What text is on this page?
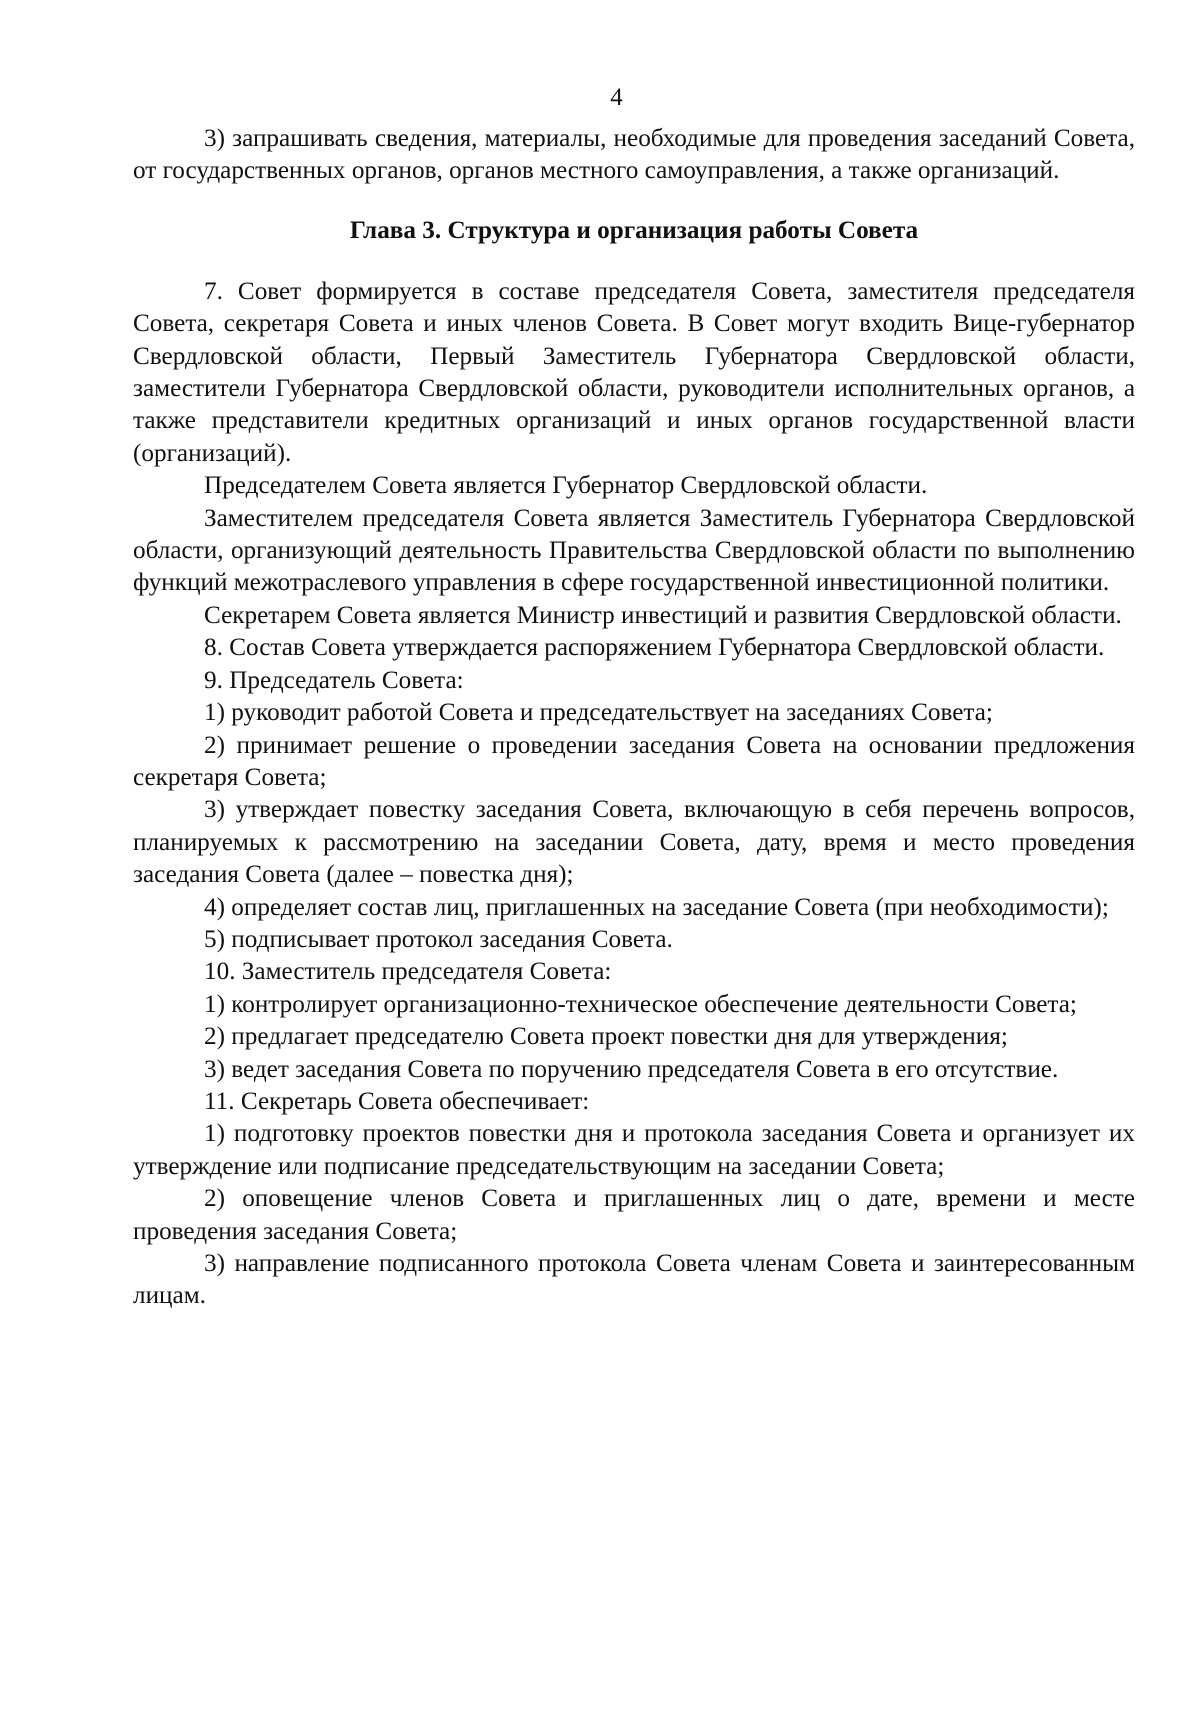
4

3) запрашивать сведения, материалы, необходимые для проведения заседаний Совета, от государственных органов, органов местного самоуправления, а также организаций.

Глава 3. Структура и организация работы Совета

7. Совет формируется в составе председателя Совета, заместителя председателя Совета, секретаря Совета и иных членов Совета. В Совет могут входить Вице-губернатор Свердловской области, Первый Заместитель Губернатора Свердловской области, заместители Губернатора Свердловской области, руководители исполнительных органов, а также представители кредитных организаций и иных органов государственной власти (организаций).

Председателем Совета является Губернатор Свердловской области.

Заместителем председателя Совета является Заместитель Губернатора Свердловской области, организующий деятельность Правительства Свердловской области по выполнению функций межотраслевого управления в сфере государственной инвестиционной политики.

Секретарем Совета является Министр инвестиций и развития Свердловской области.

8. Состав Совета утверждается распоряжением Губернатора Свердловской области.

9. Председатель Совета:

1) руководит работой Совета и председательствует на заседаниях Совета;

2) принимает решение о проведении заседания Совета на основании предложения секретаря Совета;

3) утверждает повестку заседания Совета, включающую в себя перечень вопросов, планируемых к рассмотрению на заседании Совета, дату, время и место проведения заседания Совета (далее – повестка дня);

4) определяет состав лиц, приглашенных на заседание Совета (при необходимости);

5) подписывает протокол заседания Совета.

10. Заместитель председателя Совета:

1) контролирует организационно-техническое обеспечение деятельности Совета;

2) предлагает председателю Совета проект повестки дня для утверждения;

3) ведет заседания Совета по поручению председателя Совета в его отсутствие.

11. Секретарь Совета обеспечивает:

1) подготовку проектов повестки дня и протокола заседания Совета и организует их утверждение или подписание председательствующим на заседании Совета;

2) оповещение членов Совета и приглашенных лиц о дате, времени и месте проведения заседания Совета;

3) направление подписанного протокола Совета членам Совета и заинтересованным лицам.
